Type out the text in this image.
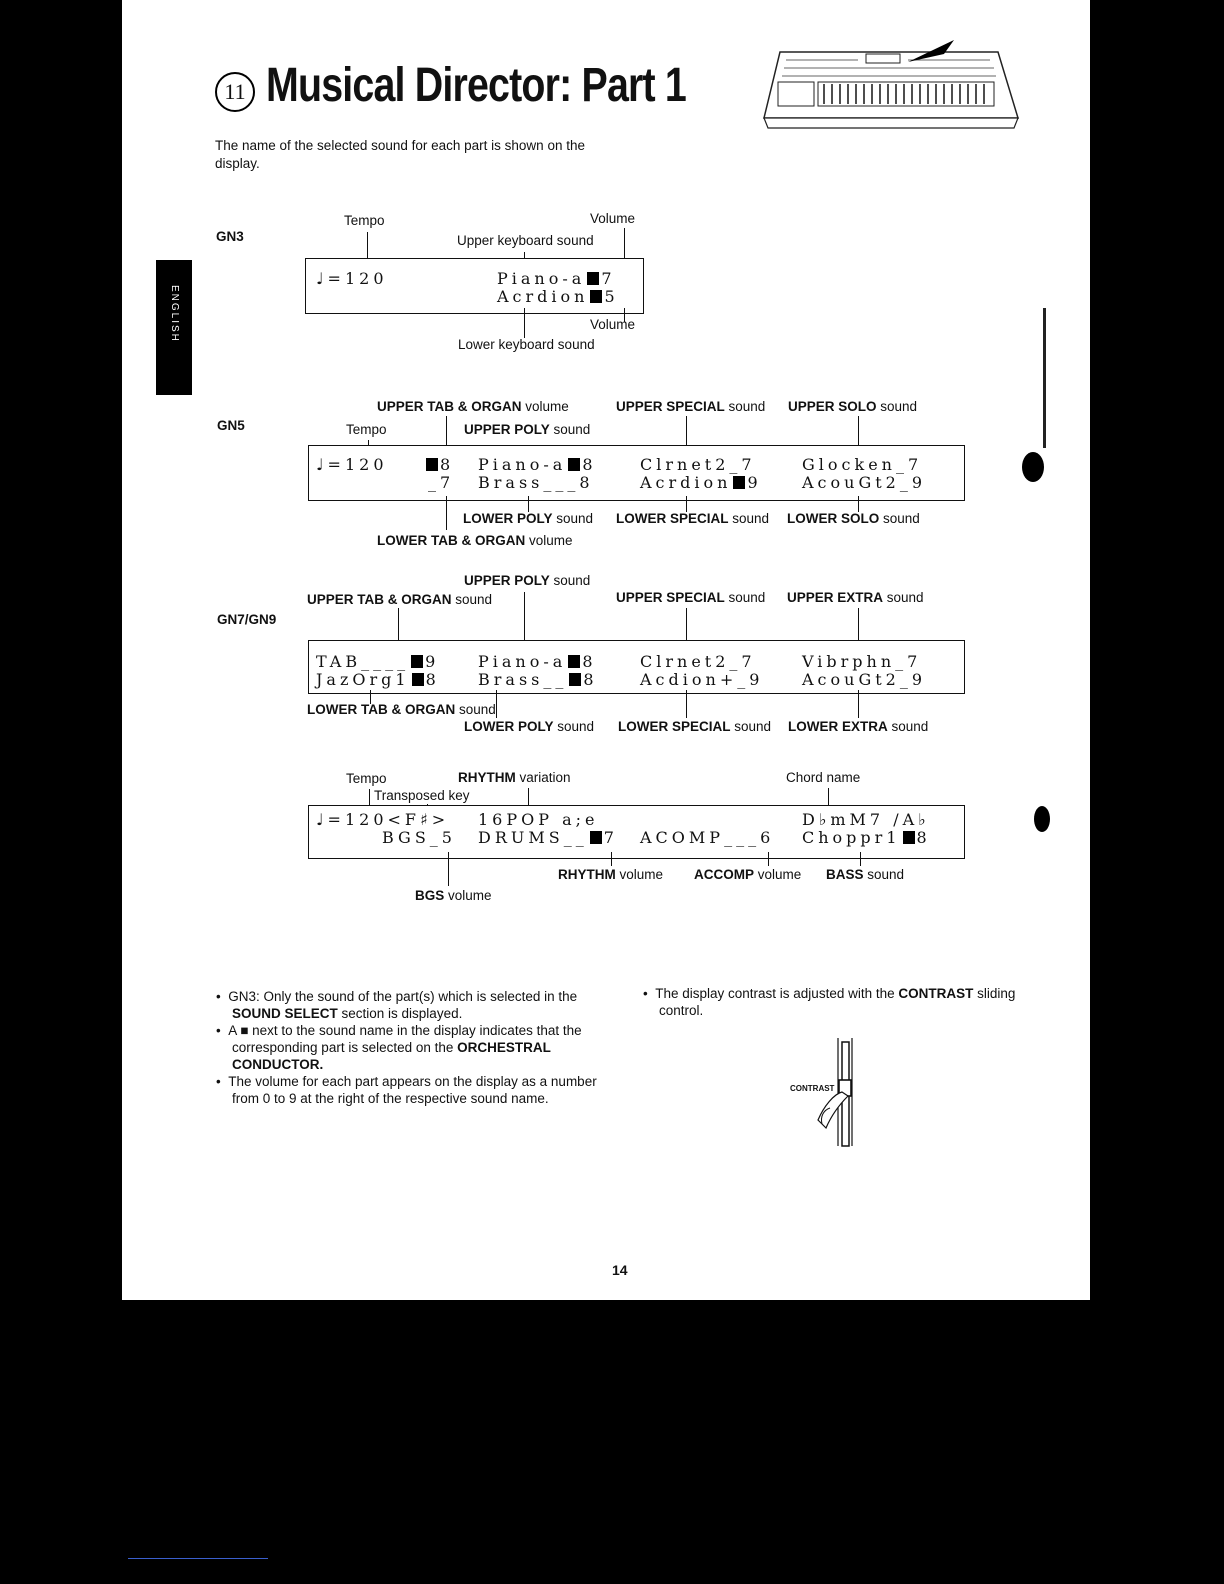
11 Musical Director: Part 1
The name of the selected sound for each part is shown on the display.
GN3
Tempo	Volume
Upper keyboard sound
♩=120	Piano-a 7
Acrdion 5
Volume
Lower keyboard sound
GN5
UPPER TAB & ORGAN volume	UPPER SPECIAL sound UPPER SOLO sound
Tempo	UPPER POLY sound
♩=120	8 Piano-a 8	Clrnet2_7	Glocken_7
_7 Brass___8	Acrdion 9	AcouGt2_9
LOWER POLY sound LOWER SPECIAL sound LOWER SOLO sound
LOWER TAB & ORGAN volume
UPPER POLY sound
UPPER TAB & ORGAN sound	UPPER SPECIAL sound UPPER EXTRA sound
GN7/GN9
TAB____ 9 Piano-a 8	Clrnet2_7	Vibrphn_7
JazOrg1 8 Brass__ 8	Acdion+_9 AcouGt2_9
LOWER TAB & ORGAN sound
LOWER POLY sound LOWER SPECIAL sound LOWER EXTRA sound
Tempo	RHYTHM variation	Chord name
Transposed key
♩=120<F♯> 16POP a;e	D♭mM7 /A♭
BGS_5 DRUMS__ 7 ACOMP___6 Choppr1 8
RHYTHM volume ACCOMP volume BASS sound
BGS volume

•  GN3: Only the sound of the part(s) which is selected in the SOUND SELECT section is displayed.

•  A ■ next to the sound name in the display indicates that the corresponding part is selected on the ORCHESTRAL CONDUCTOR.

•  The volume for each part appears on the display as a number from 0 to 9 at the right of the respective sound name.

•  The display contrast is adjusted with the CONTRAST sliding control.

CONTRAST
14
ENGLISH
